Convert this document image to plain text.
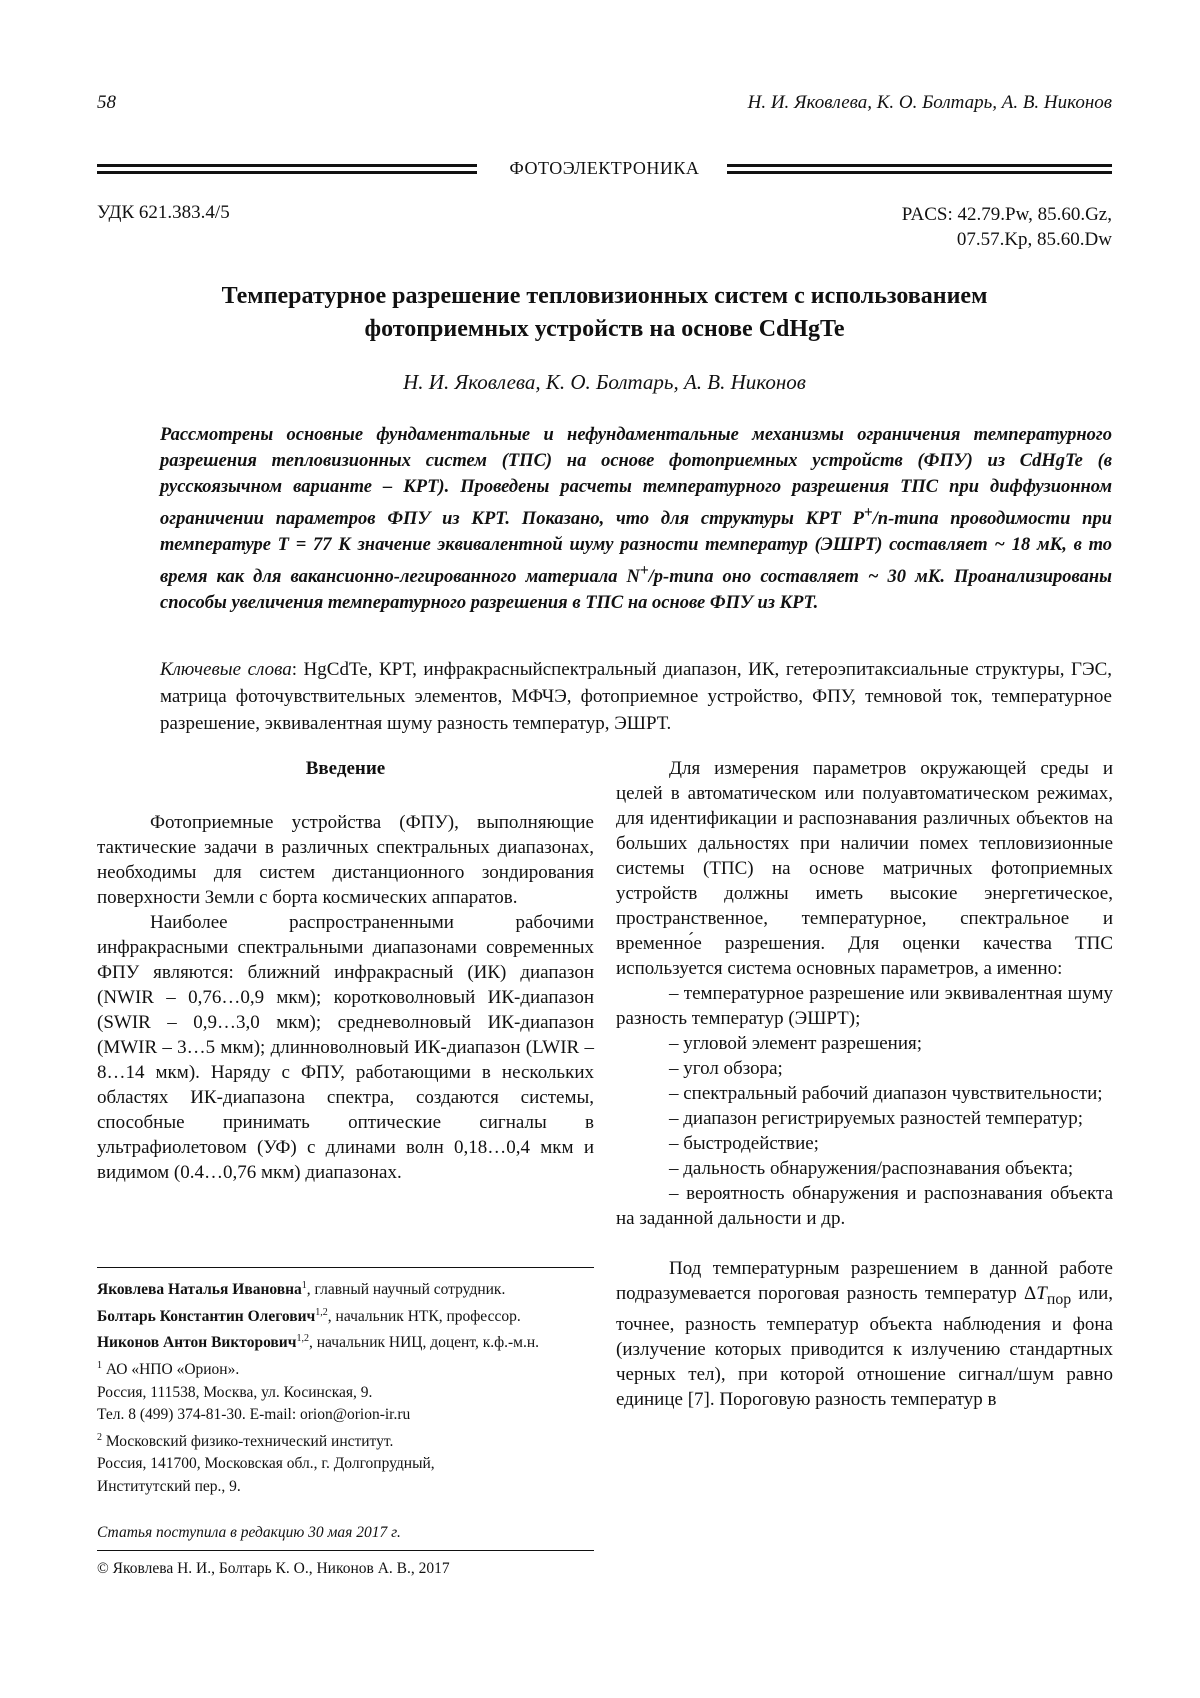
58	Н. И. Яковлева, К. О. Болтарь, А. В. Никонов
ФОТОЭЛЕКТРОНИКА
УДК 621.383.4/5	PACS: 42.79.Pw, 85.60.Gz,
07.57.Kp, 85.60.Dw
Температурное разрешение тепловизионных систем с использованием
фотоприемных устройств на основе CdHgTe
Н. И. Яковлева, К. О. Болтарь, А. В. Никонов
Рассмотрены основные фундаментальные и нефундаментальные механизмы ограничения температурного разрешения тепловизионных систем (ТПС) на основе фотоприемных устройств (ФПУ) из CdHgTe (в русскоязычном варианте – КРТ). Проведены расчеты температурного разрешения ТПС при диффузионном ограничении параметров ФПУ из КРТ. Показано, что для структуры КРТ P+/n-типа проводимости при температуре Т = 77 К значение эквивалентной шуму разности температур (ЭШРТ) составляет ~ 18 мК, в то время как для вакансионно-легированного материала N+/p-типа оно составляет ~ 30 мК. Проанализированы способы увеличения температурного разрешения в ТПС на основе ФПУ из КРТ.
Ключевые слова: HgCdTe, КРТ, инфракрасныйспектральный диапазон, ИК, гетероэпитаксиальные структуры, ГЭС, матрица фоточувствительных элементов, МФЧЭ, фотоприемное устройство, ФПУ, темновой ток, температурное разрешение, эквивалентная шуму разность температур, ЭШРТ.
Введение

Фотоприемные устройства (ФПУ), выполняющие тактические задачи в различных спектральных диапазонах, необходимы для систем дистанционного зондирования поверхности Земли с борта космических аппаратов.

Наиболее распространенными рабочими инфракрасными спектральными диапазонами современных ФПУ являются: ближний инфракрасный (ИК) диапазон (NWIR – 0,76…0,9 мкм); коротковолновый ИК-диапазон (SWIR – 0,9…3,0 мкм); средневолновый ИК-диапазон (MWIR – 3…5 мкм); длинноволновый ИК-диапазон (LWIR – 8…14 мкм). Наряду с ФПУ, работающими в нескольких областях ИК-диапазона спектра, создаются системы, способные принимать оптические сигналы в ультрафиолетовом (УФ) с длинами волн 0,18…0,4 мкм и видимом (0.4…0,76 мкм) диапазонах.

Яковлева Наталья Ивановна$^1$, главный научный сотрудник.
Болтарь Константин Олегович$^{1,2}$, начальник НТК, профессор.
Никонов Антон Викторович$^{1,2}$, начальник НИЦ, доцент, к.ф.-м.н.
$^1$ АО «НПО «Орион».
Россия, 111538, Москва, ул. Косинская, 9.
Тел. 8 (499) 374-81-30. E-mail: orion@orion-ir.ru
$^2$ Московский физико-технический институт.
Россия, 141700, Московская обл., г. Долгопрудный,
Институтский пер., 9.
Статья поступила в редакцию 30 мая 2017 г.
© Яковлева Н. И., Болтарь К. О., Никонов А. В., 2017

Для измерения параметров окружающей среды и целей в автоматическом или полуавтоматическом режимах, для идентификации и распознавания различных объектов на больших дальностях при наличии помех тепловизионные системы (ТПС) на основе матричных фотоприемных устройств должны иметь высокие энергетическое, пространственное, температурное, спектральное и временно́е разрешения. Для оценки качества ТПС используется система основных параметров, а именно:

– температурное разрешение или эквивалентная шуму разность температур (ЭШРТ);

– угловой элемент разрешения;

– угол обзора;

– спектральный рабочий диапазон чувствительности;

– диапазон регистрируемых разностей температур;

– быстродействие;

– дальность обнаружения/распознавания объекта;

– вероятность обнаружения и распознавания объекта на заданной дальности и др.

Под температурным разрешением в данной работе подразумевается пороговая разность температур $\Delta T_{пор}$ или, точнее, разность температур объекта наблюдения и фона (излучение которых приводится к излучению стандартных черных тел), при которой отношение сигнал/шум равно единице [7]. Пороговую разность температур в
